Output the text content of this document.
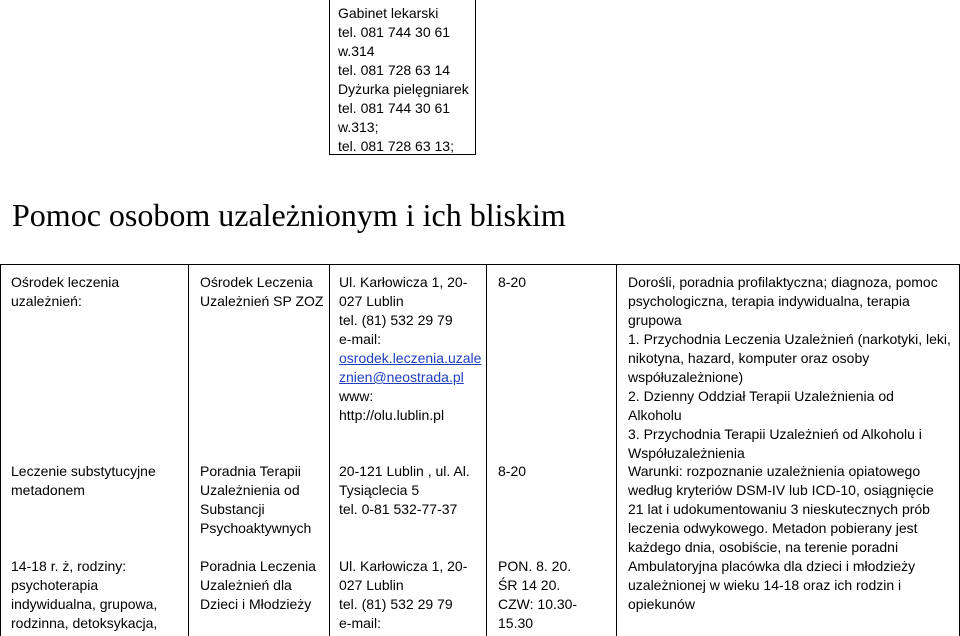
Gabinet lekarski
tel. 081 744 30 61
w.314
tel. 081 728 63 14
Dyżurka pielęgniarek
tel. 081 744 30 61
w.313;
tel. 081 728 63 13;
Pomoc osobom uzależnionym i ich bliskim
Ośrodek leczenia
uzależnień:
Ośrodek Leczenia
Uzależnień SP ZOZ
Ul. Karłowicza 1, 20-
027 Lublin
tel. (81) 532 29 79
e-mail:
osrodek.leczenia.uzale
znien@neostrada.pl
www:
http://olu.lublin.pl
8-20	Dorośli, poradnia profilaktyczna; diagnoza, pomoc
psychologiczna, terapia indywidualna, terapia
grupowa
1. Przychodnia Leczenia Uzależnień (narkotyki, leki,
nikotyna, hazard, komputer oraz osoby
współuzależnione)
2. Dzienny Oddział Terapii Uzależnienia od
Alkoholu
3. Przychodnia Terapii Uzależnień od Alkoholu i
Współuzależnienia
Leczenie substytucyjne
metadonem
Poradnia Terapii
Uzależnienia od
Substancji
Psychoaktywnych
20-121 Lublin , ul. Al.
Tysiąclecia 5
tel. 0-81 532-77-37
8-20	Warunki: rozpoznanie uzależnienia opiatowego
według kryteriów DSM-IV lub ICD-10, osiągnięcie
21 lat i udokumentowaniu 3 nieskutecznych prób
leczenia odwykowego. Metadon pobierany jest
każdego dnia, osobiście, na terenie poradni
14-18 r. ż, rodziny:
psychoterapia
indywidualna, grupowa,
rodzinna, detoksykacja,
Poradnia Leczenia
Uzależnień dla
Dzieci i Młodzieży
Ul. Karłowicza 1, 20-
027 Lublin
tel. (81) 532 29 79
e-mail:
PON. 8. 20.
ŚR 14 20.
CZW: 10.30-
15.30
Ambulatoryjna placówka dla dzieci i młodzieży
uzależnionej w wieku 14-18 oraz ich rodzin i
opiekunów
